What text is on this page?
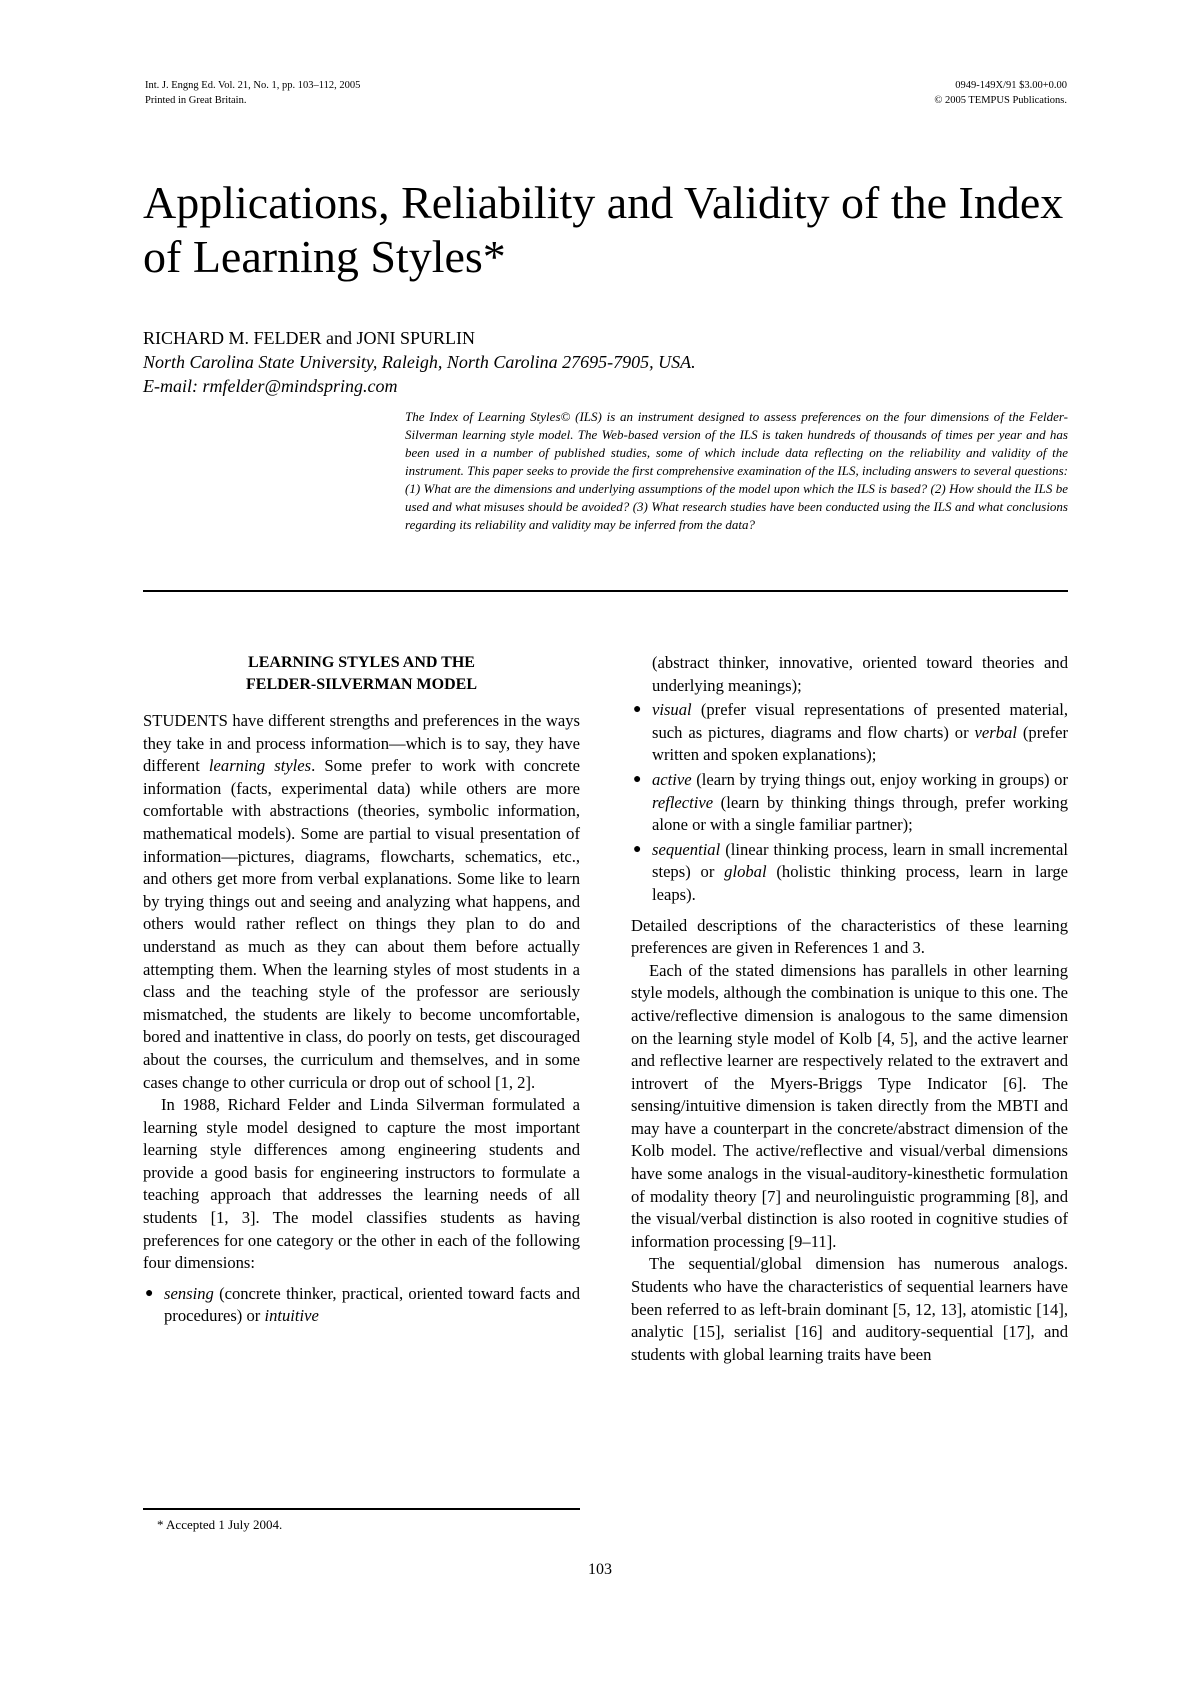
Int. J. Engng Ed. Vol. 21, No. 1, pp. 103–112, 2005
Printed in Great Britain.
0949-149X/91 $3.00+0.00
© 2005 TEMPUS Publications.
Applications, Reliability and Validity of the Index of Learning Styles*
RICHARD M. FELDER and JONI SPURLIN
North Carolina State University, Raleigh, North Carolina 27695-7905, USA.
E-mail: rmfelder@mindspring.com

The Index of Learning Styles© (ILS) is an instrument designed to assess preferences on the four dimensions of the Felder-Silverman learning style model. The Web-based version of the ILS is taken hundreds of thousands of times per year and has been used in a number of published studies, some of which include data reflecting on the reliability and validity of the instrument. This paper seeks to provide the first comprehensive examination of the ILS, including answers to several questions: (1) What are the dimensions and underlying assumptions of the model upon which the ILS is based? (2) How should the ILS be used and what misuses should be avoided? (3) What research studies have been conducted using the ILS and what conclusions regarding its reliability and validity may be inferred from the data?

LEARNING STYLES AND THE
FELDER-SILVERMAN MODEL

STUDENTS have different strengths and preferences in the ways they take in and process information—which is to say, they have different learning styles. Some prefer to work with concrete information (facts, experimental data) while others are more comfortable with abstractions (theories, symbolic information, mathematical models). Some are partial to visual presentation of information—pictures, diagrams, flowcharts, schematics, etc., and others get more from verbal explanations. Some like to learn by trying things out and seeing and analyzing what happens, and others would rather reflect on things they plan to do and understand as much as they can about them before actually attempting them. When the learning styles of most students in a class and the teaching style of the professor are seriously mismatched, the students are likely to become uncomfortable, bored and inattentive in class, do poorly on tests, get discouraged about the courses, the curriculum and themselves, and in some cases change to other curricula or drop out of school [1, 2].

In 1988, Richard Felder and Linda Silverman formulated a learning style model designed to capture the most important learning style differences among engineering students and provide a good basis for engineering instructors to formulate a teaching approach that addresses the learning needs of all students [1, 3]. The model classifies students as having preferences for one category or the other in each of the following four dimensions:

● sensing (concrete thinker, practical, oriented toward facts and procedures) or intuitive
(abstract thinker, innovative, oriented toward theories and underlying meanings);
● visual (prefer visual representations of presented material, such as pictures, diagrams and flow charts) or verbal (prefer written and spoken explanations);
● active (learn by trying things out, enjoy working in groups) or reflective (learn by thinking things through, prefer working alone or with a single familiar partner);
● sequential (linear thinking process, learn in small incremental steps) or global (holistic thinking process, learn in large leaps).

Detailed descriptions of the characteristics of these learning preferences are given in References 1 and 3.

Each of the stated dimensions has parallels in other learning style models, although the combination is unique to this one. The active/reflective dimension is analogous to the same dimension on the learning style model of Kolb [4, 5], and the active learner and reflective learner are respectively related to the extravert and introvert of the Myers-Briggs Type Indicator [6]. The sensing/intuitive dimension is taken directly from the MBTI and may have a counterpart in the concrete/abstract dimension of the Kolb model. The active/reflective and visual/verbal dimensions have some analogs in the visual-auditory-kinesthetic formulation of modality theory [7] and neurolinguistic programming [8], and the visual/verbal distinction is also rooted in cognitive studies of information processing [9–11].

The sequential/global dimension has numerous analogs. Students who have the characteristics of sequential learners have been referred to as left-brain dominant [5, 12, 13], atomistic [14], analytic [15], serialist [16] and auditory-sequential [17], and students with global learning traits have been

* Accepted 1 July 2004.
103
